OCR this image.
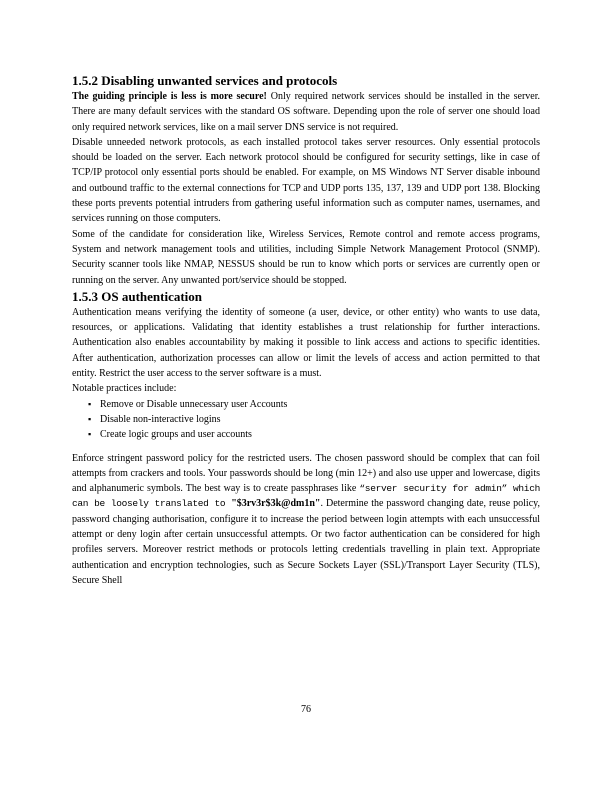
1.5.2 Disabling unwanted services and protocols

The guiding principle is less is more secure! Only required network services should be installed in the server. There are many default services with the standard OS software. Depending upon the role of server one should load only required network services, like on a mail server DNS service is not required.

Disable unneeded network protocols, as each installed protocol takes server resources. Only essential protocols should be loaded on the server. Each network protocol should be configured for security settings, like in case of TCP/IP protocol only essential ports should be enabled. For example, on MS Windows NT Server disable inbound and outbound traffic to the external connections for TCP and UDP ports 135, 137, 139 and UDP port 138. Blocking these ports prevents potential intruders from gathering useful information such as computer names, usernames, and services running on those computers.

Some of the candidate for consideration like, Wireless Services, Remote control and remote access programs, System and network management tools and utilities, including Simple Network Management Protocol (SNMP). Security scanner tools like NMAP, NESSUS should be run to know which ports or services are currently open or running on the server. Any unwanted port/service should be stopped.

1.5.3 OS authentication

Authentication means verifying the identity of someone (a user, device, or other entity) who wants to use data, resources, or applications. Validating that identity establishes a trust relationship for further interactions. Authentication also enables accountability by making it possible to link access and actions to specific identities. After authentication, authorization processes can allow or limit the levels of access and action permitted to that entity. Restrict the user access to the server software is a must.

Notable practices include:

▪ Remove or Disable unnecessary user Accounts
▪ Disable non-interactive logins
▪ Create logic groups and user accounts

Enforce stringent password policy for the restricted users. The chosen password should be complex that can foil attempts from crackers and tools. Your passwords should be long (min 12+) and also use upper and lowercase, digits and alphanumeric symbols. The best way is to create passphrases like “server security for admin” which can be loosely translated to "$3rv3r$3k@dm1n". Determine the password changing date, reuse policy, password changing authorisation, configure it to increase the period between login attempts with each unsuccessful attempt or deny login after certain unsuccessful attempts. Or two factor authentication can be considered for high profiles servers. Moreover restrict methods or protocols letting credentials travelling in plain text. Appropriate authentication and encryption technologies, such as Secure Sockets Layer (SSL)/Transport Layer Security (TLS), Secure Shell

76
